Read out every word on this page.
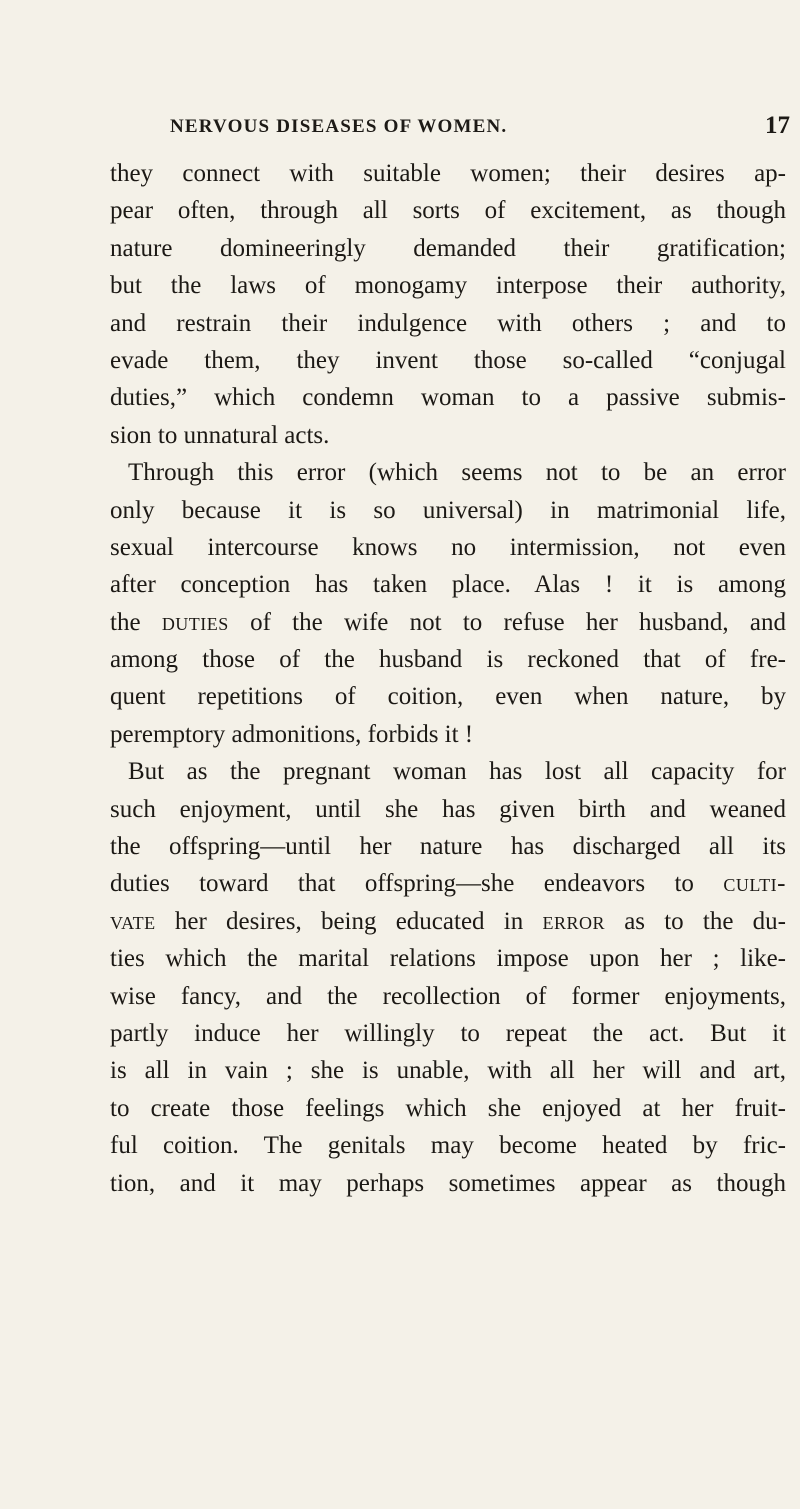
NERVOUS DISEASES OF WOMEN.	17
they connect with suitable women; their desires ap-
pear often, through all sorts of excitement, as though
nature domineeringly demanded their gratification;
but the laws of monogamy interpose their authority,
and restrain their indulgence with others ; and to
evade them, they invent those so-called “conjugal
duties,” which condemn woman to a passive submis-
sion to unnatural acts.
Through this error (which seems not to be an error
only because it is so universal) in matrimonial life,
sexual intercourse knows no intermission, not even
after conception has taken place. Alas ! it is among
the duties of the wife not to refuse her husband, and
among those of the husband is reckoned that of fre-
quent repetitions of coition, even when nature, by
peremptory admonitions, forbids it !
But as the pregnant woman has lost all capacity for
such enjoyment, until she has given birth and weaned
the offspring—until her nature has discharged all its
duties toward that offspring—she endeavors to culti-
vate her desires, being educated in error as to the du-
ties which the marital relations impose upon her ; like-
wise fancy, and the recollection of former enjoyments,
partly induce her willingly to repeat the act. But it
is all in vain ; she is unable, with all her will and art,
to create those feelings which she enjoyed at her fruit-
ful coition. The genitals may become heated by fric-
tion, and it may perhaps sometimes appear as though
